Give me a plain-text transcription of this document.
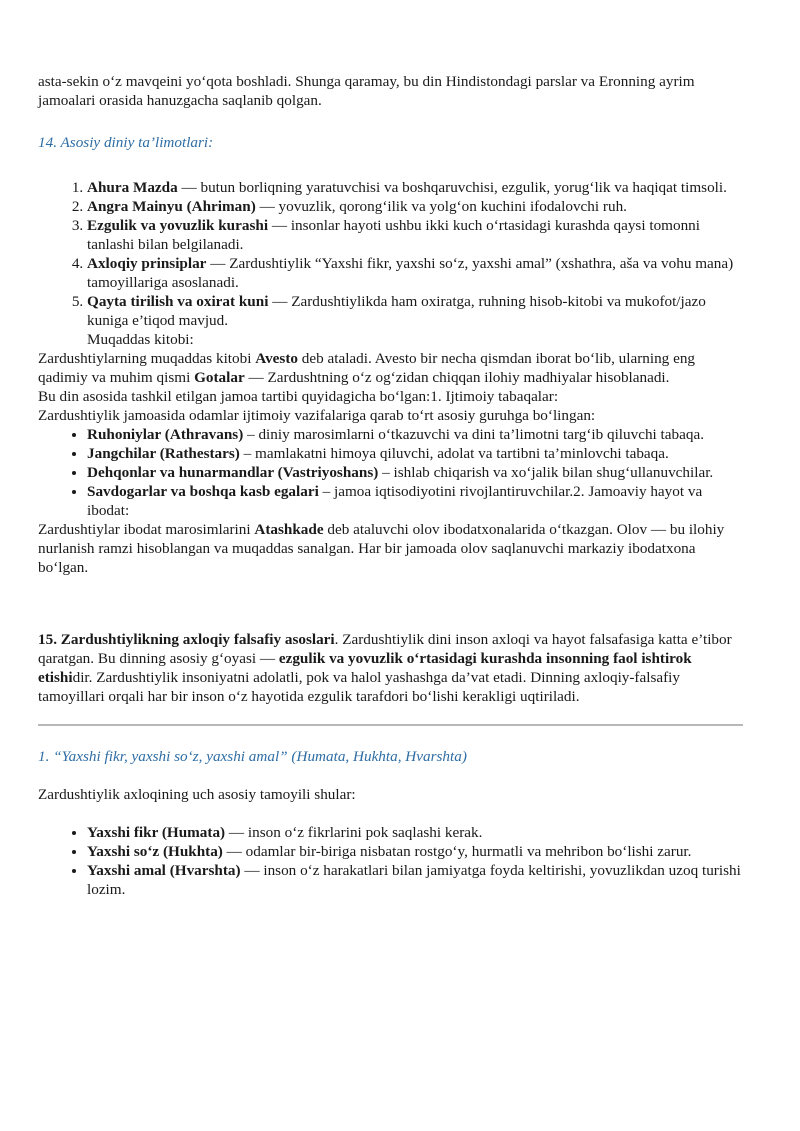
asta-sekin o‘z mavqeini yo‘qota boshladi. Shunga qaramay, bu din Hindistondagi parslar va Eronning ayrim jamoalari orasida hanuzgacha saqlanib qolgan.

14. Asosiy diniy ta’limotlari:

1. Ahura Mazda — butun borliqning yaratuvchisi va boshqaruvchisi, ezgulik, yorug‘lik va haqiqat timsoli.
2. Angra Mainyu (Ahriman) — yovuzlik, qorong‘ilik va yolg‘on kuchini ifodalovchi ruh.
3. Ezgulik va yovuzlik kurashi — insonlar hayoti ushbu ikki kuch o‘rtasidagi kurashda qaysi tomonni tanlashi bilan belgilanadi.
4. Axloqiy prinsiplar — Zardushtiylik “Yaxshi fikr, yaxshi so‘z, yaxshi amal” (xshathra, aša va vohu mana) tamoyillariga asoslanadi.
5. Qayta tirilish va oxirat kuni — Zardushtiylikda ham oxiratga, ruhning hisob-kitobi va mukofot/jazo kuniga e’tiqod mavjud.

Muqaddas kitobi:

Zardushtiylarning muqaddas kitobi Avesto deb ataladi. Avesto bir necha qismdan iborat bo‘lib, ularning eng qadimiy va muhim qismi Gotalar — Zardushtning o‘z og‘zidan chiqqan ilohiy madhiyalar hisoblanadi.

Bu din asosida tashkil etilgan jamoa tartibi quyidagicha bo‘lgan:1. Ijtimoiy tabaqalar:

Zardushtiylik jamoasida odamlar ijtimoiy vazifalariga qarab to‘rt asosiy guruhga bo‘lingan:

• Ruhoniylar (Athravans) – diniy marosimlarni o‘tkazuvchi va dini ta’limotni targ‘ib qiluvchi tabaqa.
• Jangchilar (Rathestars) – mamlakatni himoya qiluvchi, adolat va tartibni ta’minlovchi tabaqa.
• Dehqonlar va hunarmandlar (Vastriyoshans) – ishlab chiqarish va xo‘jalik bilan shug‘ullanuvchilar.
• Savdogarlar va boshqa kasb egalari – jamoa iqtisodiyotini rivojlantiruvchilar.2. Jamoaviy hayot va ibodat:

Zardushtiylar ibodat marosimlarini Atashkade deb ataluvchi olov ibodatxonalarida o‘tkazgan. Olov — bu ilohiy nurlanish ramzi hisoblangan va muqaddas sanalgan. Har bir jamoada olov saqlanuvchi markaziy ibodatxona bo‘lgan.

15. Zardushtiylikning axloqiy falsafiy asoslari. Zardushtiylik dini inson axloqi va hayot falsafasiga katta e’tibor qaratgan. Bu dinning asosiy g‘oyasi — ezgulik va yovuzlik o‘rtasidagi kurashda insonning faol ishtirok etishidir. Zardushtiylik insoniyatni adolatli, pok va halol yashashga da’vat etadi. Dinning axloqiy-falsafiy tamoyillari orqali har bir inson o‘z hayotida ezgulik tarafdori bo‘lishi kerakligi uqtiriladi.

1. “Yaxshi fikr, yaxshi so‘z, yaxshi amal” (Humata, Hukhta, Hvarshta)

Zardushtiylik axloqining uch asosiy tamoyili shular:

• Yaxshi fikr (Humata) — inson o‘z fikrlarini pok saqlashi kerak.
• Yaxshi so‘z (Hukhta) — odamlar bir-biriga nisbatan rostgo‘y, hurmatli va mehribon bo‘lishi zarur.
• Yaxshi amal (Hvarshta) — inson o‘z harakatlari bilan jamiyatga foyda keltirishi, yovuzlikdan uzoq turishi lozim.
